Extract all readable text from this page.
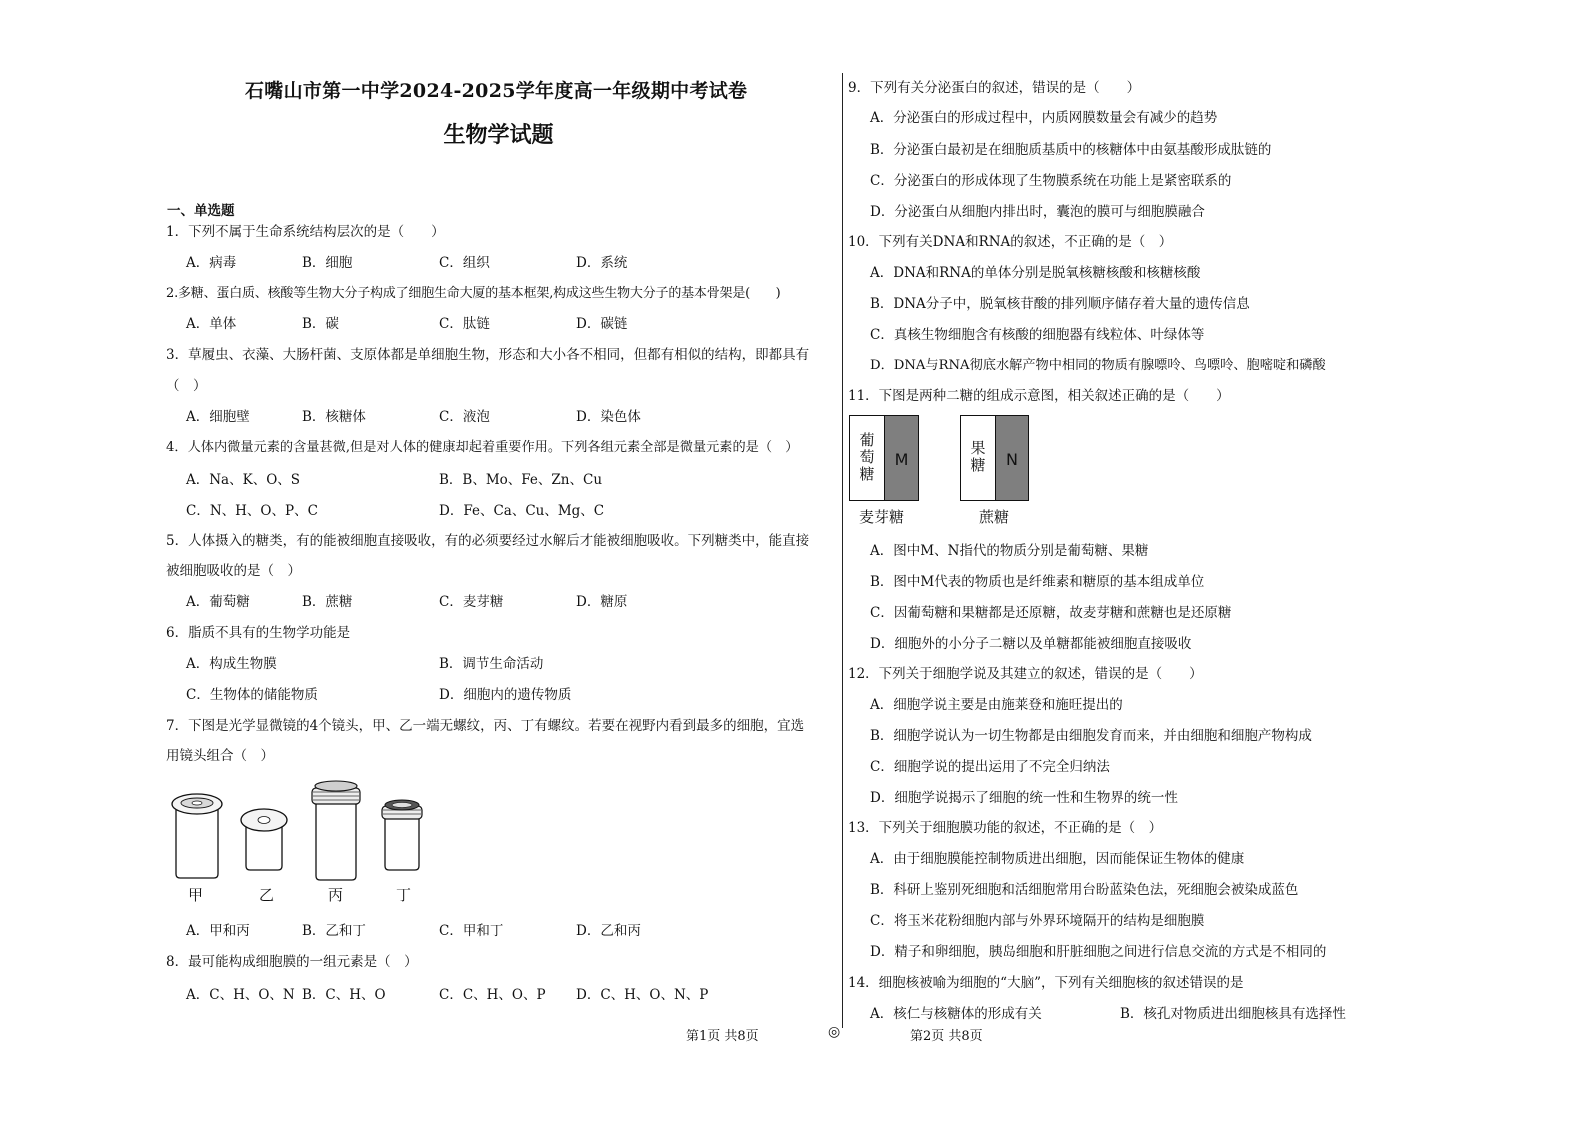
石嘴山市第一中学2024-2025学年度高一年级期中考试卷
生物学试题
一、单选题
1．下列不属于生命系统结构层次的是（　　）
A．病毒	B．细胞	C．组织	D．系统
2.多糖、蛋白质、核酸等生物大分子构成了细胞生命大厦的基本框架,构成这些生物大分子的基本骨架是(　　)
A．单体	B．碳	C．肽链	D．碳链
3．草履虫、衣藻、大肠杆菌、支原体都是单细胞生物，形态和大小各不相同，但都有相似的结构，即都具有
（　）
A．细胞壁	B．核糖体	C．液泡	D．染色体
4．人体内微量元素的含量甚微,但是对人体的健康却起着重要作用。下列各组元素全部是微量元素的是（　）
A．Na、K、O、S	B．B、Mo、Fe、Zn、Cu
C．N、H、O、P、C	D．Fe、Ca、Cu、Mg、C
5．人体摄入的糖类，有的能被细胞直接吸收，有的必须要经过水解后才能被细胞吸收。下列糖类中，能直接
被细胞吸收的是（　）
A．葡萄糖	B．蔗糖	C．麦芽糖	D．糖原
6．脂质不具有的生物学功能是
A．构成生物膜	B．调节生命活动
C．生物体的储能物质	D．细胞内的遗传物质
7．下图是光学显微镜的4个镜头，甲、乙一端无螺纹，丙、丁有螺纹。若要在视野内看到最多的细胞，宜选
用镜头组合（　）
甲	乙	丙	丁
A．甲和丙	B．乙和丁	C．甲和丁	D．乙和丙
8．最可能构成细胞膜的一组元素是（　）
A．C、H、O、N B．C、H、O	C．C、H、O、P D．C、H、O、N、P
第1页 共8页	◎
9．下列有关分泌蛋白的叙述，错误的是（　　）
A．分泌蛋白的形成过程中，内质网膜数量会有减少的趋势
B．分泌蛋白最初是在细胞质基质中的核糖体中由氨基酸形成肽链的
C．分泌蛋白的形成体现了生物膜系统在功能上是紧密联系的
D．分泌蛋白从细胞内排出时，囊泡的膜可与细胞膜融合
10．下列有关DNA和RNA的叙述，不正确的是（　）
A．DNA和RNA的单体分别是脱氧核糖核酸和核糖核酸
B．DNA分子中，脱氧核苷酸的排列顺序储存着大量的遗传信息
C．真核生物细胞含有核酸的细胞器有线粒体、叶绿体等
D．DNA与RNA彻底水解产物中相同的物质有腺嘌呤、鸟嘌呤、胞嘧啶和磷酸
11．下图是两种二糖的组成示意图，相关叙述正确的是（　　）
葡
萄
糖
M
果
糖	N
麦芽糖	蔗糖
A．图中M、N指代的物质分别是葡萄糖、果糖
B．图中M代表的物质也是纤维素和糖原的基本组成单位
C．因葡萄糖和果糖都是还原糖，故麦芽糖和蔗糖也是还原糖
D．细胞外的小分子二糖以及单糖都能被细胞直接吸收
12．下列关于细胞学说及其建立的叙述，错误的是（　　）
A．细胞学说主要是由施莱登和施旺提出的
B．细胞学说认为一切生物都是由细胞发育而来，并由细胞和细胞产物构成
C．细胞学说的提出运用了不完全归纳法
D．细胞学说揭示了细胞的统一性和生物界的统一性
13．下列关于细胞膜功能的叙述，不正确的是（　）
A．由于细胞膜能控制物质进出细胞，因而能保证生物体的健康
B．科研上鉴别死细胞和活细胞常用台盼蓝染色法，死细胞会被染成蓝色
C．将玉米花粉细胞内部与外界环境隔开的结构是细胞膜
D．精子和卵细胞，胰岛细胞和肝脏细胞之间进行信息交流的方式是不相同的
14．细胞核被喻为细胞的“大脑”，下列有关细胞核的叙述错误的是
A．核仁与核糖体的形成有关	B．核孔对物质进出细胞核具有选择性
第2页 共8页
